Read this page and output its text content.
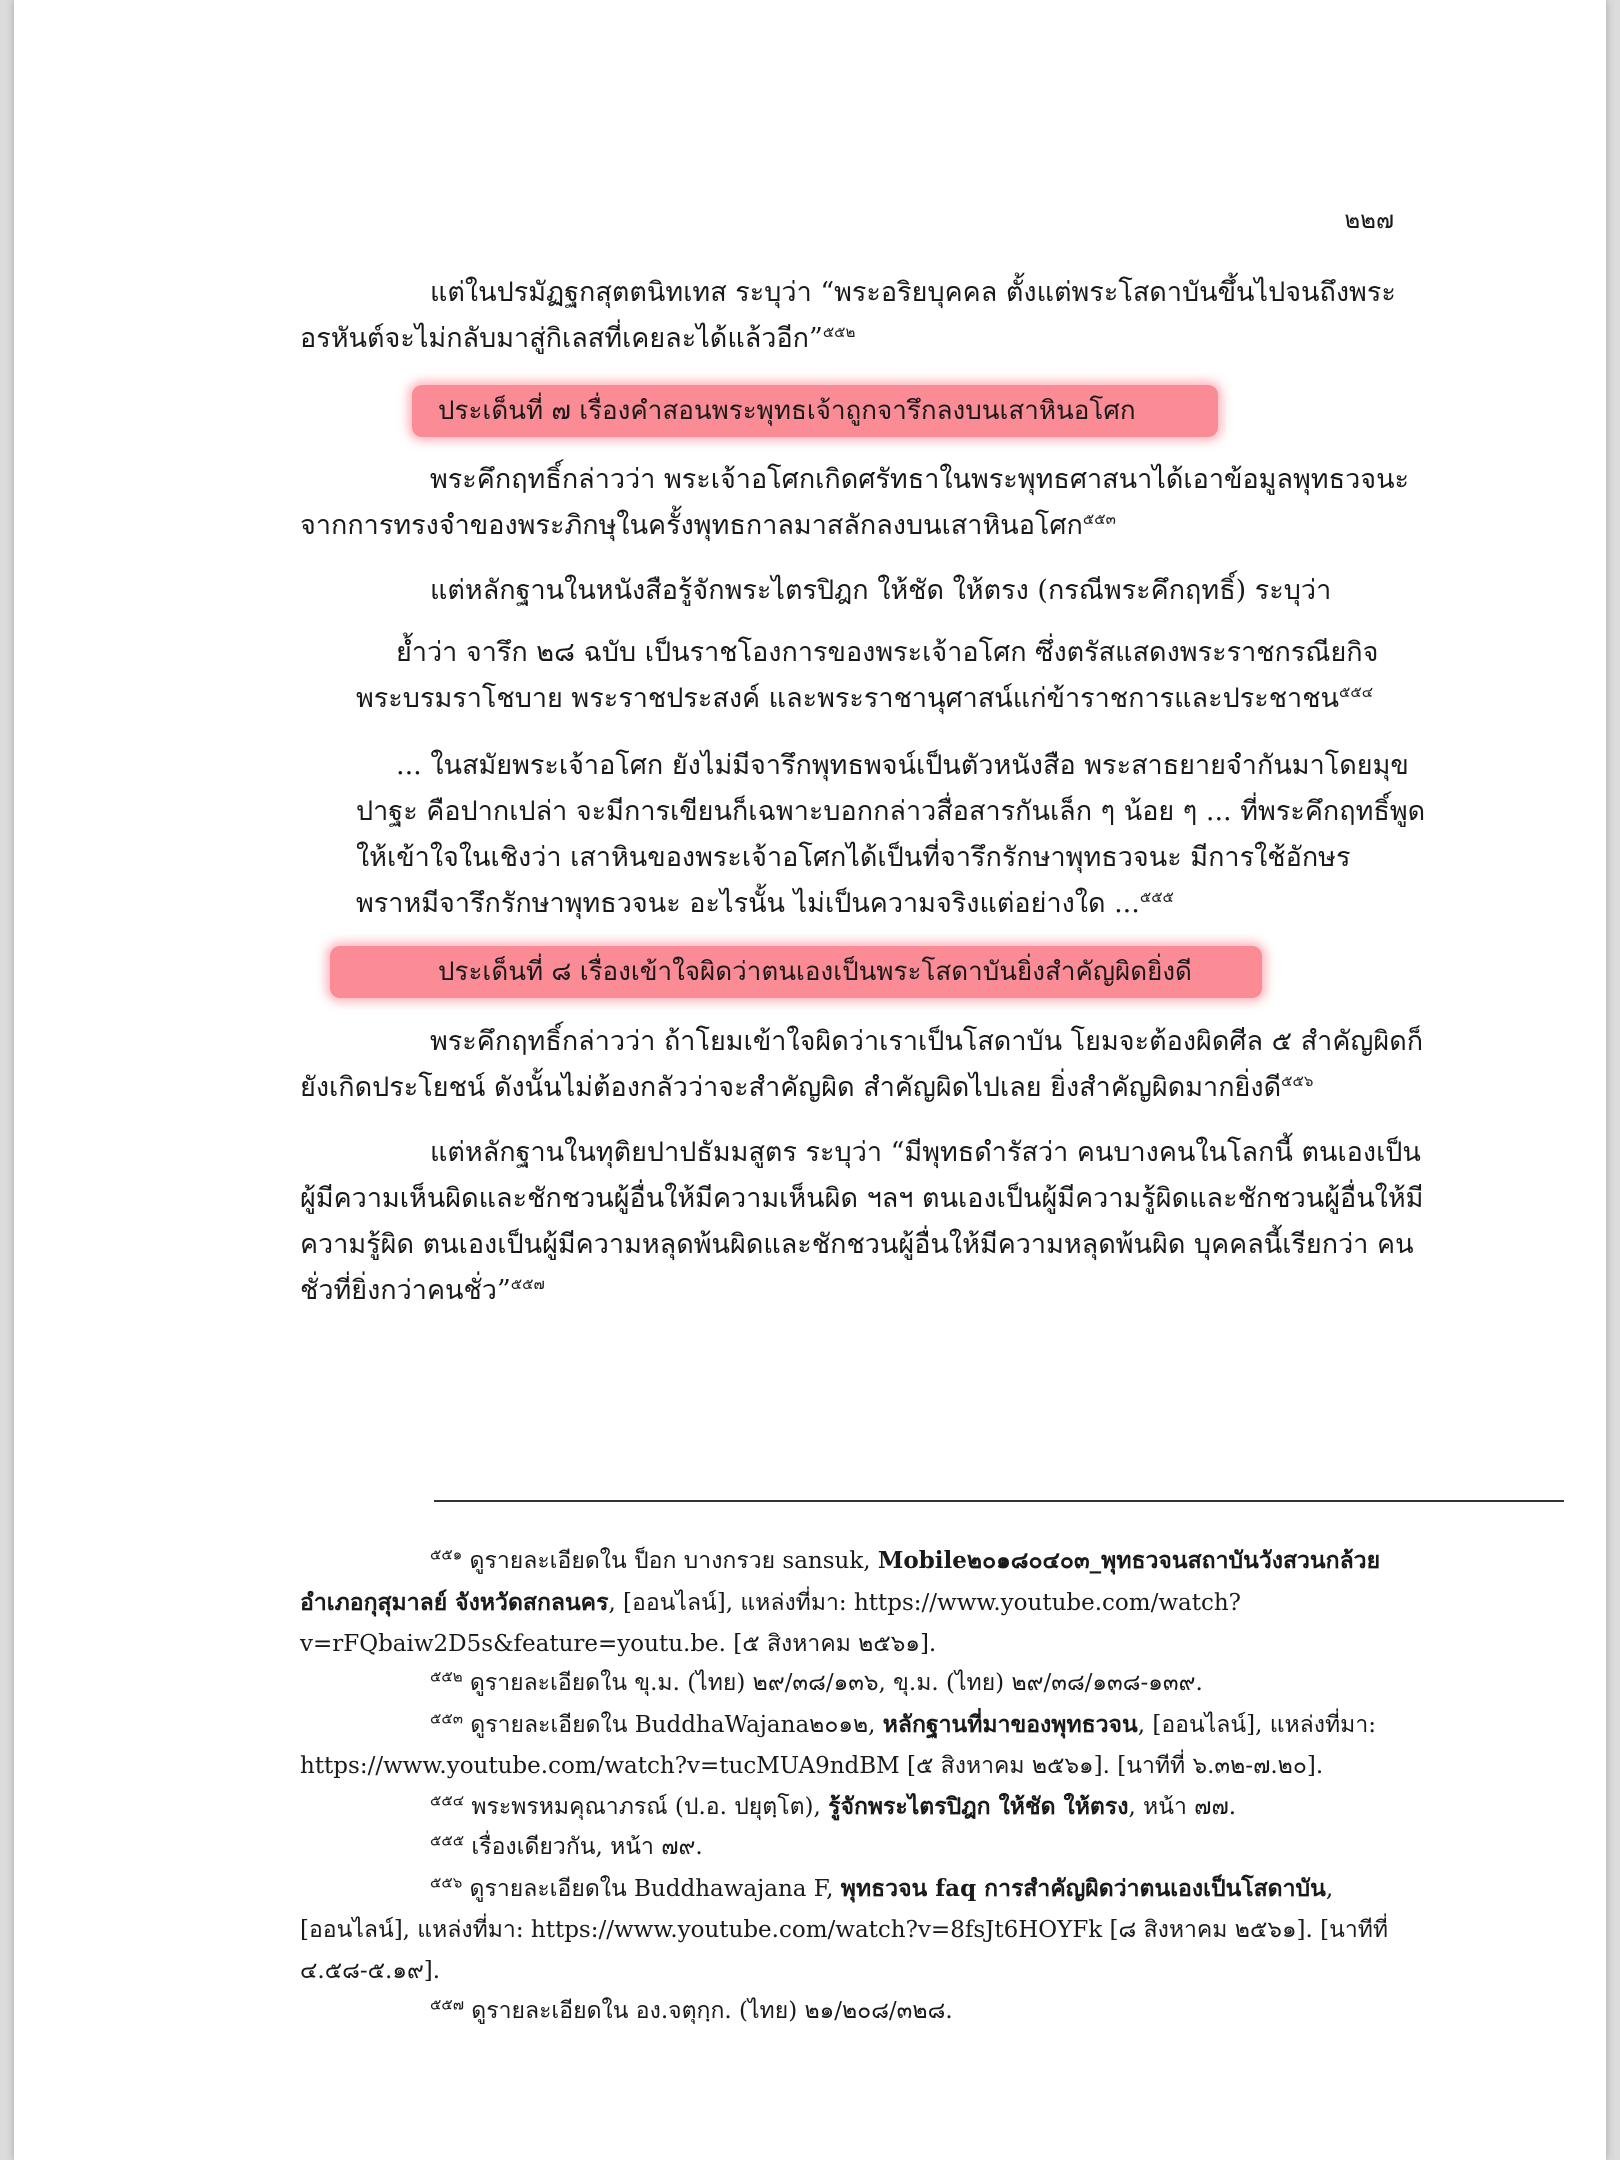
๒๒๗

แต่ในปรมัฏฐกสุตตนิทเทส ระบุว่า “พระอริยบุคคล ตั้งแต่พระโสดาบันขึ้นไปจนถึงพระอรหันต์จะไม่กลับมาสู่กิเลสที่เคยละได้แล้วอีก”$^{๕๕๒}$

ประเด็นที่ ๗ เรื่องคำสอนพระพุทธเจ้าถูกจารึกลงบนเสาหินอโศก

พระคึกฤทธิ์กล่าวว่า พระเจ้าอโศกเกิดศรัทธาในพระพุทธศาสนาได้เอาข้อมูลพุทธวจนะจากการทรงจำของพระภิกษุในครั้งพุทธกาลมาสลักลงบนเสาหินอโศก$^{๕๕๓}$

แต่หลักฐานในหนังสือรู้จักพระไตรปิฎก ให้ชัด ให้ตรง (กรณีพระคึกฤทธิ์) ระบุว่า

ย้ำว่า จารึก ๒๘ ฉบับ เป็นราชโองการของพระเจ้าอโศก ซึ่งตรัสแสดงพระราชกรณียกิจ พระบรมราโชบาย พระราชประสงค์ และพระราชานุศาสน์แก่ข้าราชการและประชาชน$^{๕๕๔}$

... ในสมัยพระเจ้าอโศก ยังไม่มีจารึกพุทธพจน์เป็นตัวหนังสือ พระสาธยายจำกันมาโดยมุขปาฐะ คือปากเปล่า จะมีการเขียนก็เฉพาะบอกกล่าวสื่อสารกันเล็ก ๆ น้อย ๆ ... ที่พระคึกฤทธิ์พูดให้เข้าใจในเชิงว่า เสาหินของพระเจ้าอโศกได้เป็นที่จารึกรักษาพุทธวจนะ มีการใช้อักษรพราหมีจารึกรักษาพุทธวจนะ อะไรนั้น ไม่เป็นความจริงแต่อย่างใด ...$^{๕๕๕}$

ประเด็นที่ ๘ เรื่องเข้าใจผิดว่าตนเองเป็นพระโสดาบันยิ่งสำคัญผิดยิ่งดี

พระคึกฤทธิ์กล่าวว่า ถ้าโยมเข้าใจผิดว่าเราเป็นโสดาบัน โยมจะต้องผิดศีล ๕ สำคัญผิดก็ยังเกิดประโยชน์ ดังนั้นไม่ต้องกลัวว่าจะสำคัญผิด สำคัญผิดไปเลย ยิ่งสำคัญผิดมากยิ่งดี$^{๕๕๖}$

แต่หลักฐานในทุติยปาปธัมมสูตร ระบุว่า “มีพุทธดำรัสว่า คนบางคนในโลกนี้ ตนเองเป็นผู้มีความเห็นผิดและชักชวนผู้อื่นให้มีความเห็นผิด ฯลฯ ตนเองเป็นผู้มีความรู้ผิดและชักชวนผู้อื่นให้มีความรู้ผิด ตนเองเป็นผู้มีความหลุดพ้นผิดและชักชวนผู้อื่นให้มีความหลุดพ้นผิด บุคคลนี้เรียกว่า คนชั่วที่ยิ่งกว่าคนชั่ว”$^{๕๕๗}$

$^{๕๕๑}$ ดูรายละเอียดใน ป็อก บางกรวย sansuk, Mobile๒๐๑๘๐๔๐๓_พุทธวจนสถาบันวังสวนกล้วย อำเภอกุสุมาลย์ จังหวัดสกลนคร, [ออนไลน์], แหล่งที่มา: https://www.youtube.com/watch?v=rFQbaiw2D5s&feature=youtu.be. [๕ สิงหาคม ๒๕๖๑].

$^{๕๕๒}$ ดูรายละเอียดใน ขุ.ม. (ไทย) ๒๙/๓๘/๑๓๖, ขุ.ม. (ไทย) ๒๙/๓๘/๑๓๘-๑๓๙.

$^{๕๕๓}$ ดูรายละเอียดใน BuddhaWajana๒๐๑๒, หลักฐานที่มาของพุทธวจน, [ออนไลน์], แหล่งที่มา: https://www.youtube.com/watch?v=tucMUA9ndBM [๕ สิงหาคม ๒๕๖๑]. [นาทีที่ ๖.๓๒-๗.๒๐].

$^{๕๕๔}$ พระพรหมคุณาภรณ์ (ป.อ. ปยุตฺโต), รู้จักพระไตรปิฎก ให้ชัด ให้ตรง, หน้า ๗๗.

$^{๕๕๕}$ เรื่องเดียวกัน, หน้า ๗๙.

$^{๕๕๖}$ ดูรายละเอียดใน Buddhawajana F, พุทธวจน faq การสำคัญผิดว่าตนเองเป็นโสดาบัน, [ออนไลน์], แหล่งที่มา: https://www.youtube.com/watch?v=8fsJt6HOYFk [๘ สิงหาคม ๒๕๖๑]. [นาทีที่ ๔.๕๘-๕.๑๙].

$^{๕๕๗}$ ดูรายละเอียดใน อง.จตุกฺก. (ไทย) ๒๑/๒๐๘/๓๒๘.
